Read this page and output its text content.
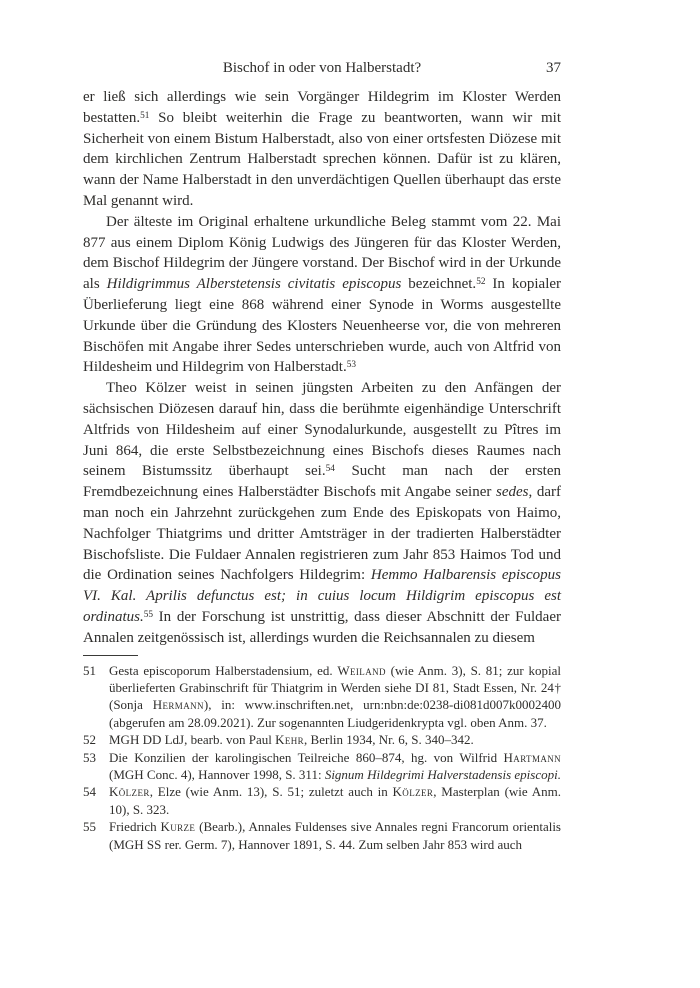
Bischof in oder von Halberstadt?	37

er ließ sich allerdings wie sein Vorgänger Hildegrim im Kloster Werden bestatten.$^{51}$ So bleibt weiterhin die Frage zu beantworten, wann wir mit Sicherheit von einem Bistum Halberstadt, also von einer ortsfesten Diözese mit dem kirchlichen Zentrum Halberstadt sprechen können. Dafür ist zu klären, wann der Name Halberstadt in den unverdächtigen Quellen überhaupt das erste Mal genannt wird.

Der älteste im Original erhaltene urkundliche Beleg stammt vom 22. Mai 877 aus einem Diplom König Ludwigs des Jüngeren für das Kloster Werden, dem Bischof Hildegrim der Jüngere vorstand. Der Bischof wird in der Urkunde als Hildigrimmus Alberstetensis civitatis episcopus bezeichnet.$^{52}$ In kopialer Überlieferung liegt eine 868 während einer Synode in Worms ausgestellte Urkunde über die Gründung des Klosters Neuenheerse vor, die von mehreren Bischöfen mit Angabe ihrer Sedes unterschrieben wurde, auch von Altfrid von Hildesheim und Hildegrim von Halberstadt.$^{53}$

Theo Kölzer weist in seinen jüngsten Arbeiten zu den Anfängen der sächsischen Diözesen darauf hin, dass die berühmte eigenhändige Unterschrift Altfrids von Hildesheim auf einer Synodalurkunde, ausgestellt zu Pîtres im Juni 864, die erste Selbstbezeichnung eines Bischofs dieses Raumes nach seinem Bistumssitz überhaupt sei.$^{54}$ Sucht man nach der ersten Fremdbezeichnung eines Halberstädter Bischofs mit Angabe seiner sedes, darf man noch ein Jahrzehnt zurückgehen zum Ende des Episkopats von Haimo, Nachfolger Thiatgrims und dritter Amtsträger in der tradierten Halberstädter Bischofsliste. Die Fuldaer Annalen registrieren zum Jahr 853 Haimos Tod und die Ordination seines Nachfolgers Hildegrim: Hemmo Halbarensis episcopus VI. Kal. Aprilis defunctus est; in cuius locum Hildigrim episcopus est ordinatus.$^{55}$ In der Forschung ist unstrittig, dass dieser Abschnitt der Fuldaer Annalen zeitgenössisch ist, allerdings wurden die Reichsannalen zu diesem

51 Gesta episcoporum Halberstadensium, ed. Weiland (wie Anm. 3), S. 81; zur kopial überlieferten Grabinschrift für Thiatgrim in Werden siehe DI 81, Stadt Essen, Nr. 24† (Sonja Hermann), in: www.inschriften.net, urn:nbn:de:0238-di081d007k0002400 (abgerufen am 28.09.2021). Zur sogenannten Liudgeridenkrypta vgl. oben Anm. 37.
52 MGH DD LdJ, bearb. von Paul Kehr, Berlin 1934, Nr. 6, S. 340–342.
53 Die Konzilien der karolingischen Teilreiche 860–874, hg. von Wilfrid Hartmann (MGH Conc. 4), Hannover 1998, S. 311: Signum Hildegrimi Halverstadensis episcopi.
54 Kölzer, Elze (wie Anm. 13), S. 51; zuletzt auch in Kölzer, Masterplan (wie Anm. 10), S. 323.
55 Friedrich Kurze (Bearb.), Annales Fuldenses sive Annales regni Francorum orientalis (MGH SS rer. Germ. 7), Hannover 1891, S. 44. Zum selben Jahr 853 wird auch
